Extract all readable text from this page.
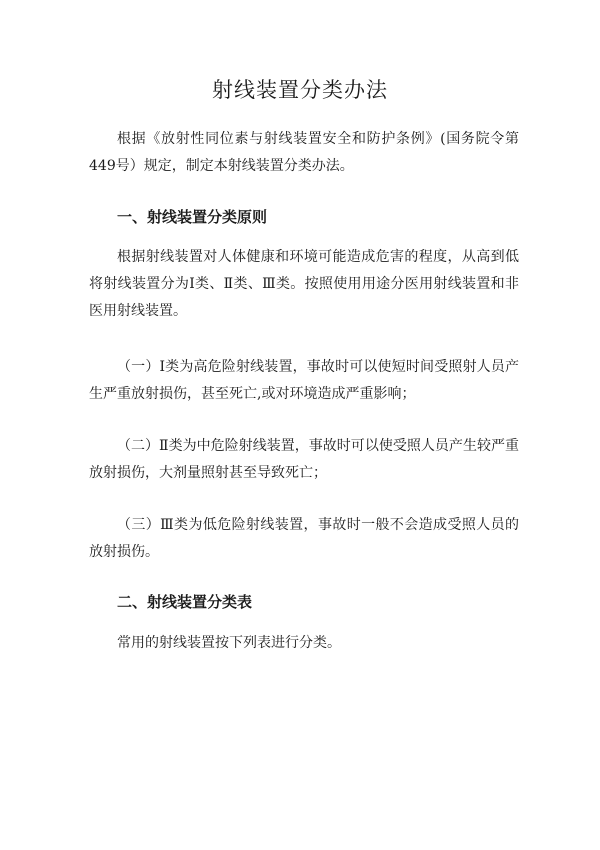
射线装置分类办法

根据《放射性同位素与射线装置安全和防护条例》(国务院令第449号）规定，制定本射线装置分类办法。

一、射线装置分类原则

根据射线装置对人体健康和环境可能造成危害的程度，从高到低将射线装置分为Ⅰ类、Ⅱ类、Ⅲ类。按照使用用途分医用射线装置和非医用射线装置。

（一）Ⅰ类为高危险射线装置，事故时可以使短时间受照射人员产生严重放射损伤，甚至死亡,或对环境造成严重影响；

（二）Ⅱ类为中危险射线装置，事故时可以使受照人员产生较严重放射损伤，大剂量照射甚至导致死亡；

（三）Ⅲ类为低危险射线装置，事故时一般不会造成受照人员的放射损伤。

二、射线装置分类表

常用的射线装置按下列表进行分类。
